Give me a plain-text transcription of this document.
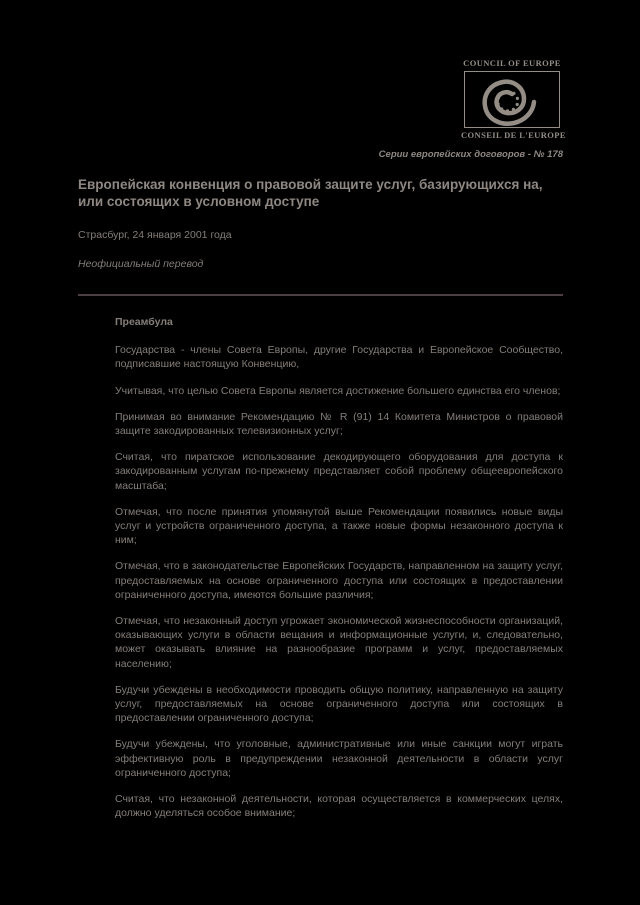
COUNCIL OF EUROPE
CONSEIL DE L'EUROPE
Серии европейских договоров - № 178
Европейская конвенция о правовой защите услуг, базирующихся на, или состоящих в условном доступе
Страсбург, 24 января 2001 года
Неофициальный перевод
Преамбула

Государства - члены Совета Европы, другие Государства и Европейское Сообщество, подписавшие настоящую Конвенцию,

Учитывая, что целью Совета Европы является достижение большего единства его членов;

Принимая во внимание Рекомендацию № R (91) 14 Комитета Министров о правовой защите закодированных телевизионных услуг;

Считая, что пиратское использование декодирующего оборудования для доступа к закодированным услугам по-прежнему представляет собой проблему общеевропейского масштаба;

Отмечая, что после принятия упомянутой выше Рекомендации появились новые виды услуг и устройств ограниченного доступа, а также новые формы незаконного доступа к ним;

Отмечая, что в законодательстве Европейских Государств, направленном на защиту услуг, предоставляемых на основе ограниченного доступа или состоящих в предоставлении ограниченного доступа, имеются большие различия;

Отмечая, что незаконный доступ угрожает экономической жизнеспособности организаций, оказывающих услуги в области вещания и информационные услуги, и, следовательно, может оказывать влияние на разнообразие программ и услуг, предоставляемых населению;

Будучи убеждены в необходимости проводить общую политику, направленную на защиту услуг, предоставляемых на основе ограниченного доступа или состоящих в предоставлении ограниченного доступа;

Будучи убеждены, что уголовные, административные или иные санкции могут играть эффективную роль в предупреждении незаконной деятельности в области услуг ограниченного доступа;

Считая, что незаконной деятельности, которая осуществляется в коммерческих целях, должно уделяться особое внимание;
